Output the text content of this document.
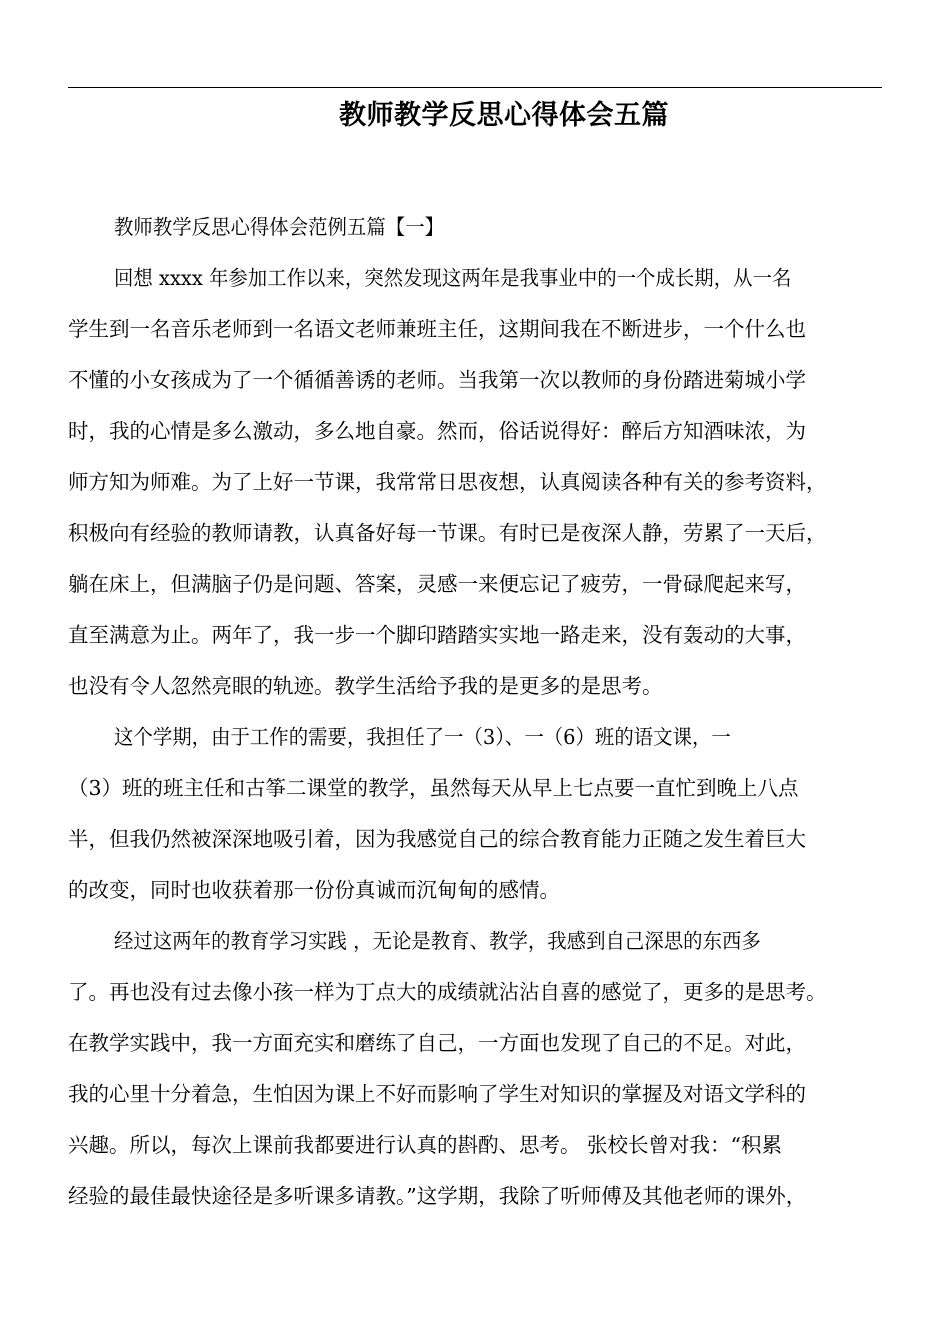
教师教学反思心得体会五篇
教师教学反思心得体会范例五篇【一】
回想 xxxx 年参加工作以来，突然发现这两年是我事业中的一个成长期，从一名
学生到一名音乐老师到一名语文老师兼班主任，这期间我在不断进步，一个什么也
不懂的小女孩成为了一个循循善诱的老师。当我第一次以教师的身份踏进菊城小学
时，我的心情是多么激动，多么地自豪。然而，俗话说得好：醉后方知酒味浓，为
师方知为师难。为了上好一节课，我常常日思夜想，认真阅读各种有关的参考资料，
积极向有经验的教师请教，认真备好每一节课。有时已是夜深人静，劳累了一天后，
躺在床上，但满脑子仍是问题、答案，灵感一来便忘记了疲劳，一骨碌爬起来写，
直至满意为止。两年了，我一步一个脚印踏踏实实地一路走来，没有轰动的大事，
也没有令人忽然亮眼的轨迹。教学生活给予我的是更多的是思考。
这个学期，由于工作的需要，我担任了一（3）、一（6）班的语文课，一
（3）班的班主任和古筝二课堂的教学，虽然每天从早上七点要一直忙到晚上八点
半，但我仍然被深深地吸引着，因为我感觉自己的综合教育能力正随之发生着巨大
的改变，同时也收获着那一份份真诚而沉甸甸的感情。
经过这两年的教育学习实践 ，无论是教育、教学，我感到自己深思的东西多
了。再也没有过去像小孩一样为丁点大的成绩就沾沾自喜的感觉了，更多的是思考。
在教学实践中，我一方面充实和磨练了自己，一方面也发现了自己的不足。对此，
我的心里十分着急，生怕因为课上不好而影响了学生对知识的掌握及对语文学科的
兴趣。所以，每次上课前我都要进行认真的斟酌、思考。 张校长曾对我：“积累
经验的最佳最快途径是多听课多请教。”这学期，我除了听师傅及其他老师的课外，
